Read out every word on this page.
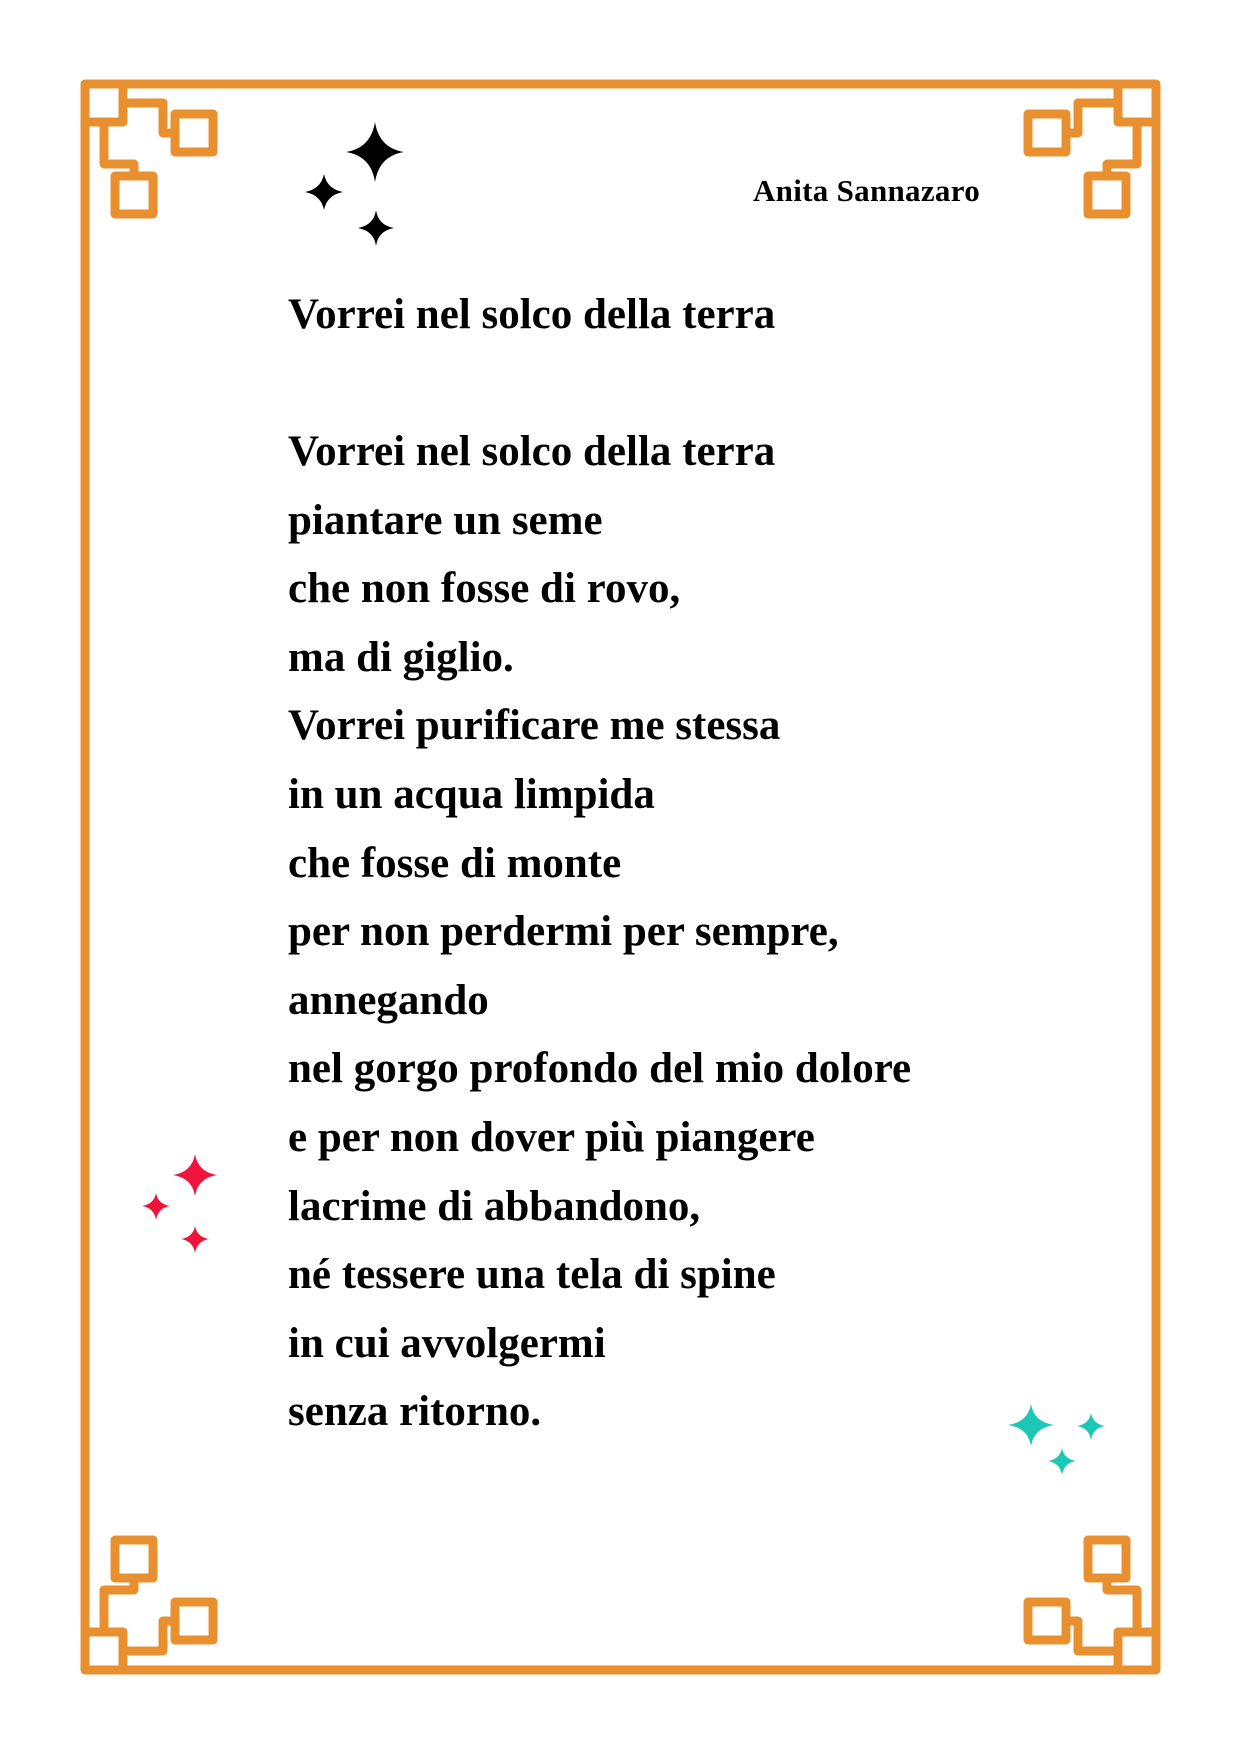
Anita Sannazaro
Vorrei nel solco della terra
Vorrei nel solco della terra
piantare un seme
che non fosse di rovo,
ma di giglio.
Vorrei purificare me stessa
in un acqua limpida
che fosse di monte
per non perdermi per sempre,
annegando
nel gorgo profondo del mio dolore
e per non dover più piangere
lacrime di abbandono,
né tessere una tela di spine
in cui avvolgermi
senza ritorno.
